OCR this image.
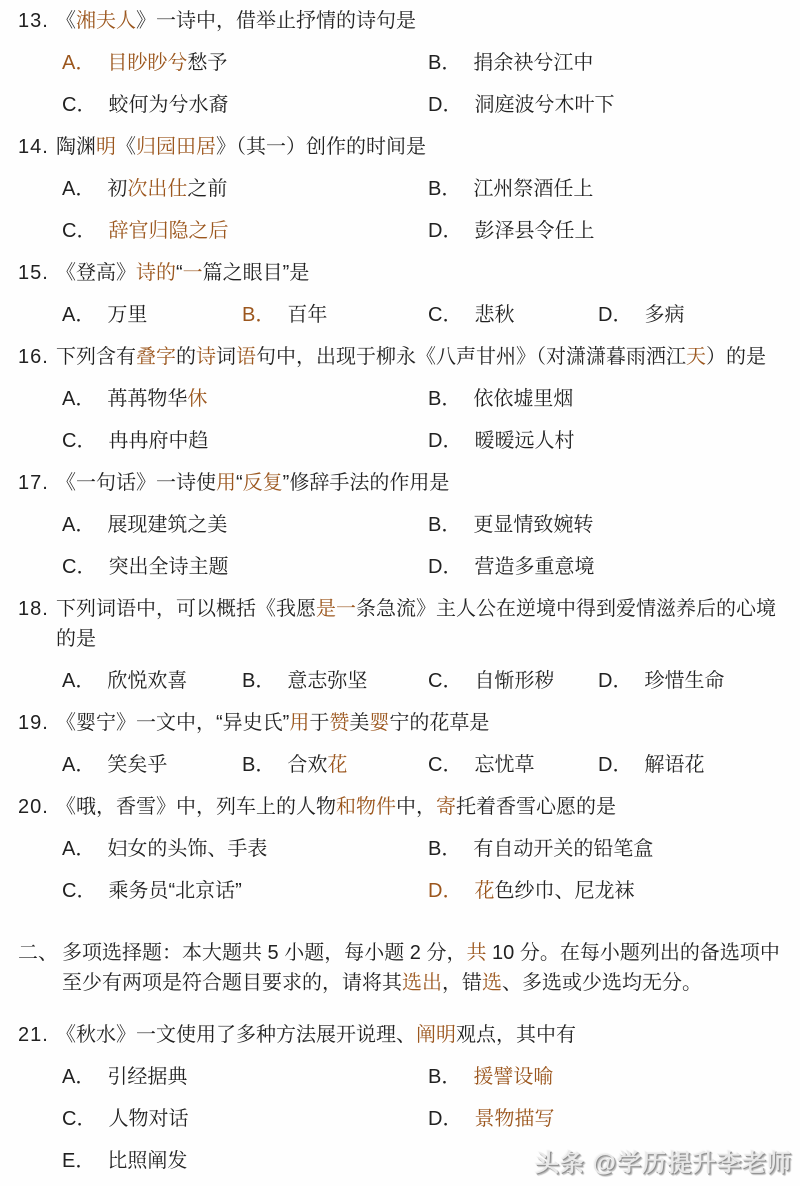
13. 《湘夫人》一诗中，借举止抒情的诗句是
A． 目眇眇兮愁予	B． 捐余袂兮江中
C． 蛟何为兮水裔	D． 洞庭波兮木叶下
14. 陶渊明《归园田居》（其一）创作的时间是
A． 初次出仕之前	B． 江州祭酒任上
C． 辞官归隐之后	D． 彭泽县令任上
15. 《登高》诗的“一篇之眼目”是
A． 万里	B． 百年	C． 悲秋	D． 多病
16. 下列含有叠字的诗词语句中，出现于柳永《八声甘州》（对潇潇暮雨洒江天）的是
A． 苒苒物华休	B． 依依墟里烟
C． 冉冉府中趋	D． 暧暧远人村
17. 《一句话》一诗使用“反复”修辞手法的作用是
A． 展现建筑之美	B． 更显情致婉转
C． 突出全诗主题	D． 营造多重意境
18. 下列词语中，可以概括《我愿是一条急流》主人公在逆境中得到爱情滋养后的心境的是
A． 欣悦欢喜	B． 意志弥坚	C． 自惭形秽 D． 珍惜生命
19. 《婴宁》一文中，“异史氏”用于赞美婴宁的花草是
A． 笑矣乎	B． 合欢花	C． 忘忧草	D． 解语花
20. 《哦，香雪》中，列车上的人物和物件中，寄托着香雪心愿的是
A． 妇女的头饰、手表	B． 有自动开关的铅笔盒
C． 乘务员“北京话”	D． 花色纱巾、尼龙袜
二、 多项选择题：本大题共 5 小题，每小题 2 分，共 10 分。在每小题列出的备选项中至少有两项是符合题目要求的，请将其选出，错选、多选或少选均无分。
21. 《秋水》一文使用了多种方法展开说理、阐明观点，其中有
A． 引经据典	B． 援譬设喻
C． 人物对话	D． 景物描写
E． 比照阐发	头条 @学历提升李老师
